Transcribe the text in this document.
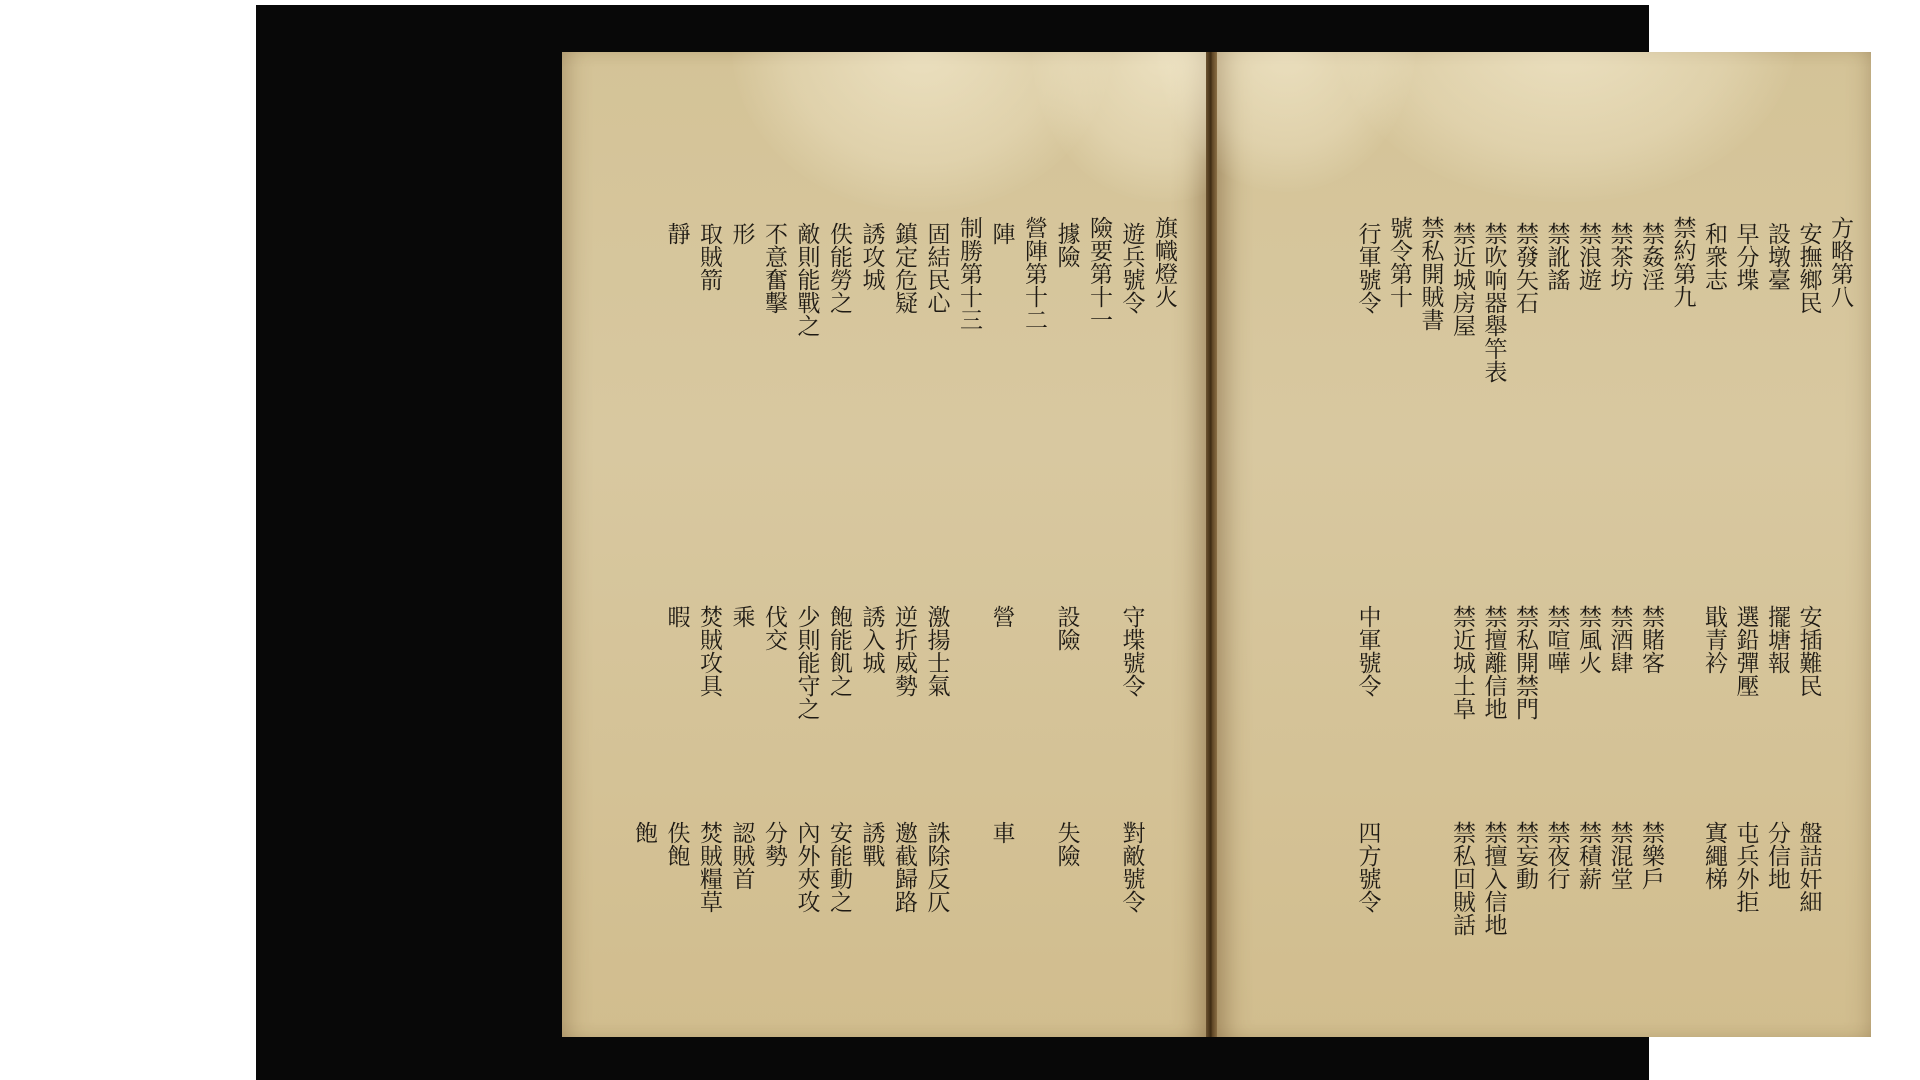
旗幟燈火

遊兵號令

守堞號令

對敵號令

險要第十一

據險

設險

失險

營陣第十二

陣

營

車

制勝第十三

固結民心

激揚士氣

誅除反仄

鎮定危疑

逆折威勢

邀截歸路

誘攻城

誘入城

誘戰

佚能勞之

飽能飢之

安能動之

敵則能戰之

少則能守之

內外夾攻

不意奮擊

伐交

分勢

形

乘

認賊首

取賊箭

焚賊攻具

焚賊糧草

靜

暇

佚飽

飽

方略第八

安撫鄉民

安插難民

盤詰奸細

設墩臺

擺塘報

分信地

早分堞

選鉛彈壓

屯兵外拒

和衆志

戢青衿

寘繩梯

禁約第九

禁姦淫

禁賭客

禁樂戶

禁茶坊

禁酒肆

禁混堂

禁浪遊

禁風火

禁積薪

禁訛謠

禁喧嘩

禁夜行

禁發矢石

禁私開禁門

禁妄動

禁吹响器舉竿表

禁擅離信地

禁擅入信地

禁近城房屋

禁近城土阜

禁私回賊話

禁私開賊書

號令第十

行軍號令

中軍號令

四方號令
